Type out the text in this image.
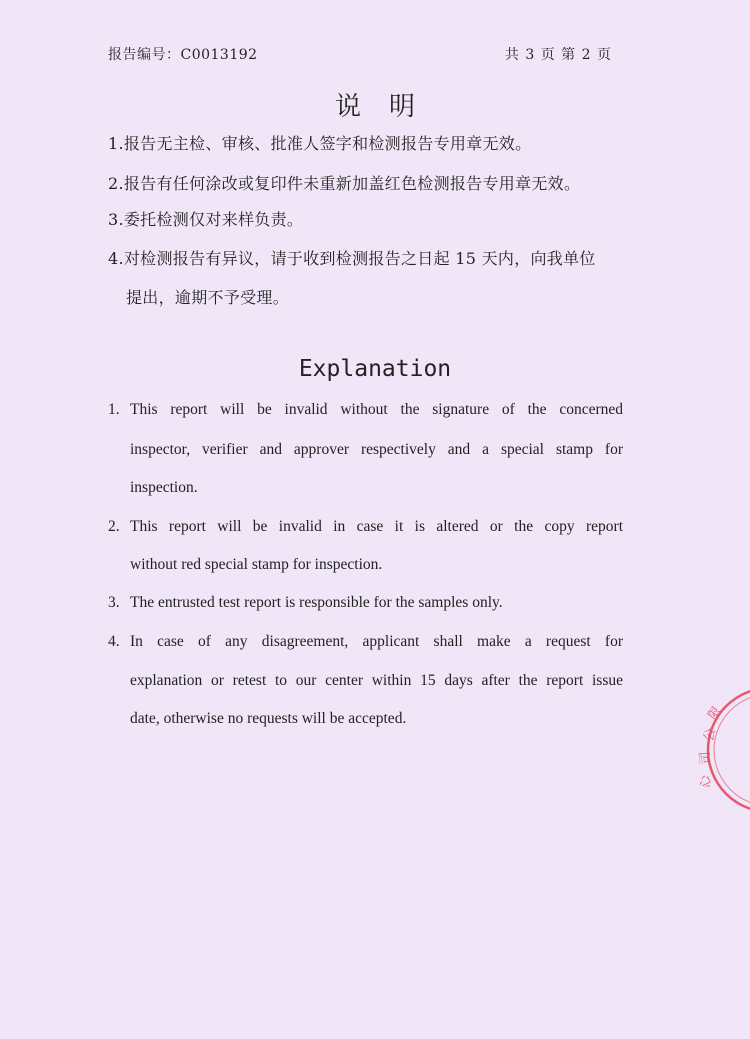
报告编号：C0013192	共 3 页 第 2 页
说明
1.报告无主检、审核、批准人签字和检测报告专用章无效。
2.报告有任何涂改或复印件未重新加盖红色检测报告专用章无效。
3.委托检测仅对来样负责。
4.对检测报告有异议，请于收到检测报告之日起 15 天内，向我单位
提出，逾期不予受理。
Explanation
1. This report will be invalid without the signature of the concerned
inspector, verifier and approver respectively and a special stamp for
inspection.
2. This report will be invalid in case it is altered or the copy report
without red special stamp for inspection.
3. The entrusted test report is responsible for the samples only.
4. In case of any disagreement, applicant shall make a request for
explanation or retest to our center within 15 days after the report issue
date, otherwise no requests will be accepted.	限
公
司
心
